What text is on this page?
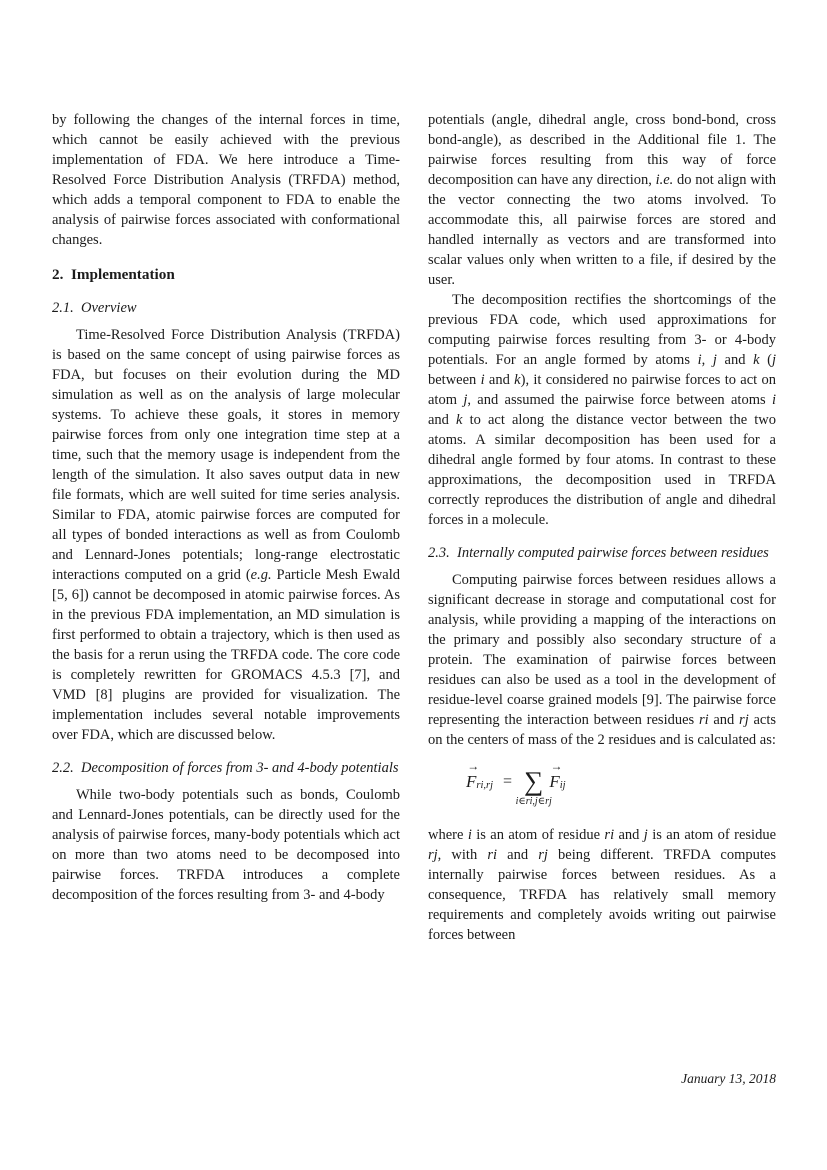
by following the changes of the internal forces in time, which cannot be easily achieved with the previous implementation of FDA. We here introduce a Time-Resolved Force Distribution Analysis (TRFDA) method, which adds a temporal component to FDA to enable the analysis of pairwise forces associated with conformational changes.

2. Implementation
2.1. Overview

Time-Resolved Force Distribution Analysis (TRFDA) is based on the same concept of using pairwise forces as FDA, but focuses on their evolution during the MD simulation as well as on the analysis of large molecular systems. To achieve these goals, it stores in memory pairwise forces from only one integration time step at a time, such that the memory usage is independent from the length of the simulation. It also saves output data in new file formats, which are well suited for time series analysis. Similar to FDA, atomic pairwise forces are computed for all types of bonded interactions as well as from Coulomb and Lennard-Jones potentials; long-range electrostatic interactions computed on a grid (e.g. Particle Mesh Ewald [5, 6]) cannot be decomposed in atomic pairwise forces. As in the previous FDA implementation, an MD simulation is first performed to obtain a trajectory, which is then used as the basis for a rerun using the TRFDA code. The core code is completely rewritten for GROMACS 4.5.3 [7], and VMD [8] plugins are provided for visualization. The implementation includes several notable improvements over FDA, which are discussed below.

2.2. Decomposition of forces from 3- and 4-body potentials

While two-body potentials such as bonds, Coulomb and Lennard-Jones potentials, can be directly used for the analysis of pairwise forces, many-body potentials which act on more than two atoms need to be decomposed into pairwise forces. TRFDA introduces a complete decomposition of the forces resulting from 3- and 4-body

potentials (angle, dihedral angle, cross bond-bond, cross bond-angle), as described in the Additional file 1. The pairwise forces resulting from this way of force decomposition can have any direction, i.e. do not align with the vector connecting the two atoms involved. To accommodate this, all pairwise forces are stored and handled internally as vectors and are transformed into scalar values only when written to a file, if desired by the user.

The decomposition rectifies the shortcomings of the previous FDA code, which used approximations for computing pairwise forces resulting from 3- or 4-body potentials. For an angle formed by atoms i, j and k (j between i and k), it considered no pairwise forces to act on atom j, and assumed the pairwise force between atoms i and k to act along the distance vector between the two atoms. A similar decomposition has been used for a dihedral angle formed by four atoms. In contrast to these approximations, the decomposition used in TRFDA correctly reproduces the distribution of angle and dihedral forces in a molecule.

2.3. Internally computed pairwise forces between residues

Computing pairwise forces between residues allows a significant decrease in storage and computational cost for analysis, while providing a mapping of the interactions on the primary and possibly also secondary structure of a protein. The examination of pairwise forces between residues can also be used as a tool in the development of residue-level coarse grained models [9]. The pairwise force representing the interaction between residues ri and rj acts on the centers of mass of the 2 residues and is calculated as:

→
F ri,rj = ∑
i∈ri,j∈rj
→
F ij

where i is an atom of residue ri and j is an atom of residue rj, with ri and rj being different. TRFDA computes internally pairwise forces between residues. As a consequence, TRFDA has relatively small memory requirements and completely avoids writing out pairwise forces between

January 13, 2018
